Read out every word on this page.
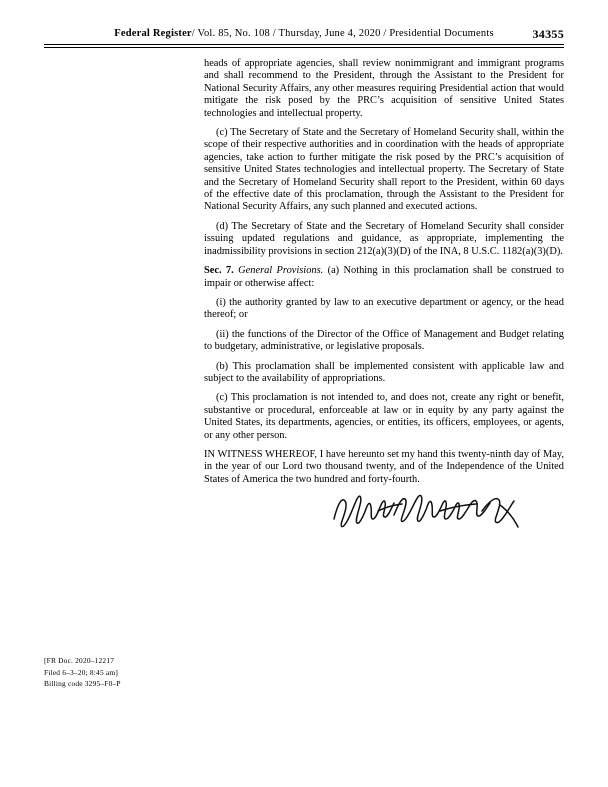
Federal Register/ Vol. 85, No. 108 / Thursday, June 4, 2020 / Presidential Documents	34355

heads of appropriate agencies, shall review nonimmigrant and immigrant programs and shall recommend to the President, through the Assistant to the President for National Security Affairs, any other measures requiring Presidential action that would mitigate the risk posed by the PRC’s acquisition of sensitive United States technologies and intellectual property.

(c) The Secretary of State and the Secretary of Homeland Security shall, within the scope of their respective authorities and in coordination with the heads of appropriate agencies, take action to further mitigate the risk posed by the PRC’s acquisition of sensitive United States technologies and intellectual property. The Secretary of State and the Secretary of Homeland Security shall report to the President, within 60 days of the effective date of this proclamation, through the Assistant to the President for National Security Affairs, any such planned and executed actions.

(d) The Secretary of State and the Secretary of Homeland Security shall consider issuing updated regulations and guidance, as appropriate, implementing the inadmissibility provisions in section 212(a)(3)(D) of the INA, 8 U.S.C. 1182(a)(3)(D).

Sec. 7. General Provisions. (a) Nothing in this proclamation shall be construed to impair or otherwise affect:

(i) the authority granted by law to an executive department or agency, or the head thereof; or

(ii) the functions of the Director of the Office of Management and Budget relating to budgetary, administrative, or legislative proposals.

(b) This proclamation shall be implemented consistent with applicable law and subject to the availability of appropriations.

(c) This proclamation is not intended to, and does not, create any right or benefit, substantive or procedural, enforceable at law or in equity by any party against the United States, its departments, agencies, or entities, its officers, employees, or agents, or any other person.

IN WITNESS WHEREOF, I have hereunto set my hand this twenty-ninth day of May, in the year of our Lord two thousand twenty, and of the Independence of the United States of America the two hundred and forty-fourth.

[FR Doc. 2020–12217
Filed 6–3–20; 8:45 am]
Billing code 3295–F0–P
